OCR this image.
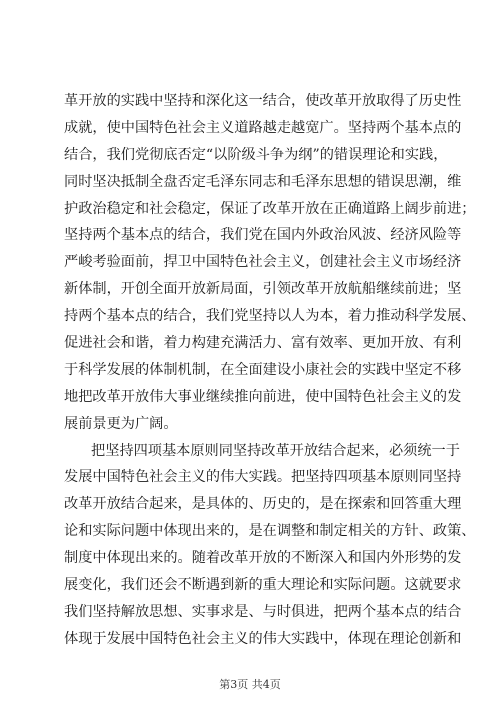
革开放的实践中坚持和深化这一结合，使改革开放取得了历史性
成就，使中国特色社会主义道路越走越宽广。坚持两个基本点的
结合，我们党彻底否定“以阶级斗争为纲”的错误理论和实践，
同时坚决抵制全盘否定毛泽东同志和毛泽东思想的错误思潮，维
护政治稳定和社会稳定，保证了改革开放在正确道路上阔步前进；
坚持两个基本点的结合，我们党在国内外政治风波、经济风险等
严峻考验面前，捍卫中国特色社会主义，创建社会主义市场经济
新体制，开创全面开放新局面，引领改革开放航船继续前进；坚
持两个基本点的结合，我们党坚持以人为本，着力推动科学发展、
促进社会和谐，着力构建充满活力、富有效率、更加开放、有利
于科学发展的体制机制，在全面建设小康社会的实践中坚定不移
地把改革开放伟大事业继续推向前进，使中国特色社会主义的发
展前景更为广阔。
把坚持四项基本原则同坚持改革开放结合起来，必须统一于
发展中国特色社会主义的伟大实践。把坚持四项基本原则同坚持
改革开放结合起来，是具体的、历史的，是在探索和回答重大理
论和实际问题中体现出来的，是在调整和制定相关的方针、政策、
制度中体现出来的。随着改革开放的不断深入和国内外形势的发
展变化，我们还会不断遇到新的重大理论和实际问题。这就要求
我们坚持解放思想、实事求是、与时俱进，把两个基本点的结合
体现于发展中国特色社会主义的伟大实践中，体现在理论创新和
第3页 共4页
